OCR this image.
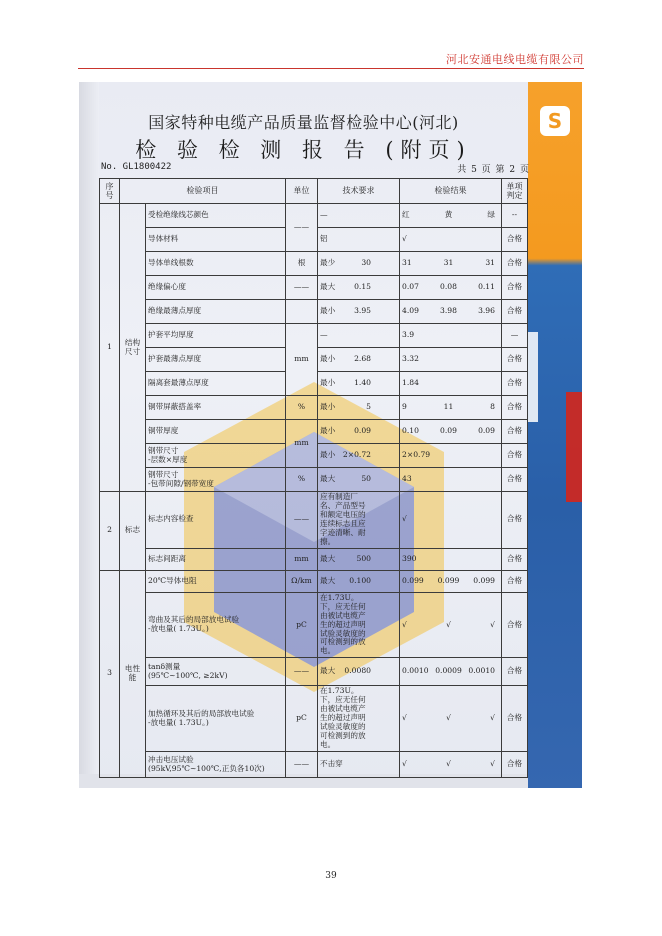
河北安通电线电缆有限公司
S
国家特种电缆产品质量监督检验中心(河北)
检 验 检 测 报 告 (附页)
No. GL1800422	共 5 页 第 2 页
序号	检验项目		单位	技术要求	检验结果	单项判定
1	结构尺寸	受检绝缘线芯颜色	——	—	红 黄 绿	--
		导体材料		铝	√	合格
		导体单线根数	根	最少 30	31 31 31	合格
		绝缘偏心度	——	最大 0.15	0.07 0.08 0.11	合格
		绝缘最薄点厚度		最小 3.95	4.09 3.98 3.96	合格
		护套平均厚度	mm	—	3.9	—
		护套最薄点厚度		最小 2.68	3.32	合格
		隔离套最薄点厚度		最小 1.40	1.84	合格
		铜带屏蔽搭盖率	%	最小 5	9 11 8	合格
		铜带厚度	mm	最小 0.09	0.10 0.09 0.09	合格
		钢带尺寸
-层数×厚度		最小 2×0.72	2×0.79	合格
		钢带尺寸
-包带间隙/钢带宽度	%	最大 50	43	合格
2	标志	标志内容检查	——	应有制造厂名、产品型号和额定电压的连续标志且应字迹清晰、耐擦。	√	合格
		标志间距离	mm	最大 500	390	合格
3	电性能	20℃导体电阻	Ω/km	最大 0.100	0.099 0.099 0.099	合格
		弯曲及其后的局部放电试验
-放电量( 1.73U。)	pC	在1.73U。下，应无任何由被试电缆产生的超过声明试验灵敏度的可检测到的放电。	√ √ √	合格
		tanδ测量
(95℃~100℃, ≥2kV)	——	最大 0.0080	0.0010 0.0009 0.0010	合格
		加热循环及其后的局部放电试验
-放电量( 1.73U。)	pC	在1.73U。下，应无任何由被试电缆产生的超过声明试验灵敏度的可检测到的放电。	√ √ √	合格
		冲击电压试验
(95kV,95℃~100℃,正负各10次)	——	不击穿	√ √ √	合格
39
